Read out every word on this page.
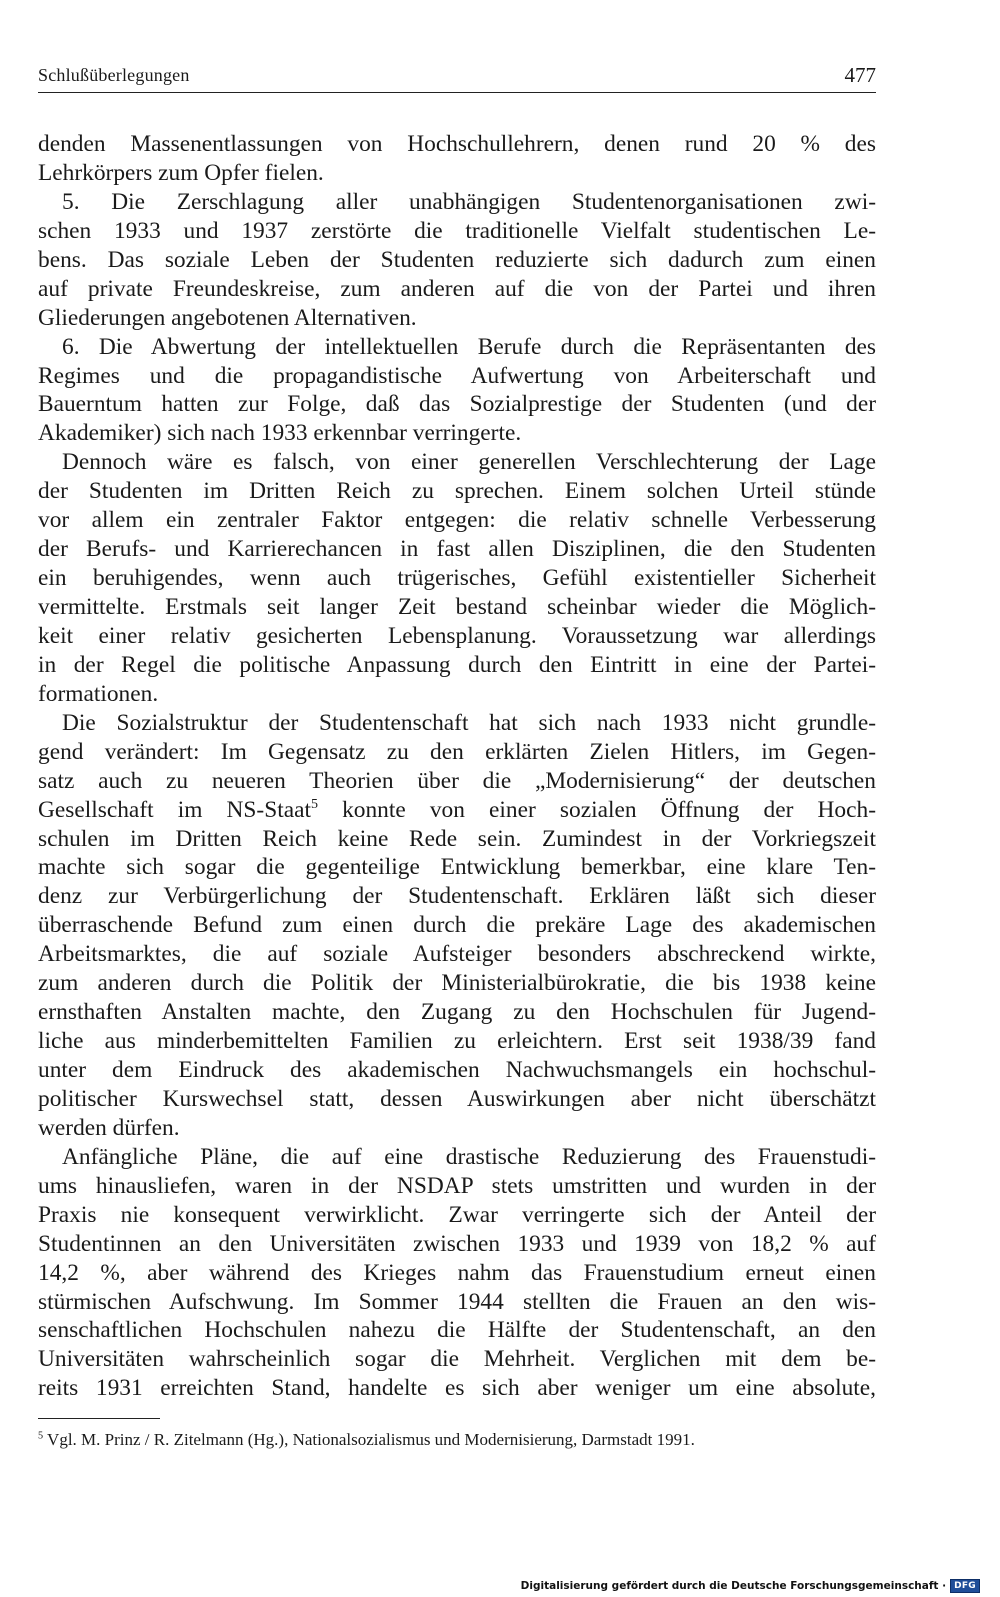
Schlußüberlegungen	477
denden Massenentlassungen von Hochschullehrern, denen rund 20 % des
Lehrkörpers zum Opfer fielen.
5. Die Zerschlagung aller unabhängigen Studentenorganisationen zwi-
schen 1933 und 1937 zerstörte die traditionelle Vielfalt studentischen Le-
bens. Das soziale Leben der Studenten reduzierte sich dadurch zum einen
auf private Freundeskreise, zum anderen auf die von der Partei und ihren
Gliederungen angebotenen Alternativen.
6. Die Abwertung der intellektuellen Berufe durch die Repräsentanten des
Regimes und die propagandistische Aufwertung von Arbeiterschaft und
Bauerntum hatten zur Folge, daß das Sozialprestige der Studenten (und der
Akademiker) sich nach 1933 erkennbar verringerte.
Dennoch wäre es falsch, von einer generellen Verschlechterung der Lage
der Studenten im Dritten Reich zu sprechen. Einem solchen Urteil stünde
vor allem ein zentraler Faktor entgegen: die relativ schnelle Verbesserung
der Berufs- und Karrierechancen in fast allen Disziplinen, die den Studenten
ein beruhigendes, wenn auch trügerisches, Gefühl existentieller Sicherheit
vermittelte. Erstmals seit langer Zeit bestand scheinbar wieder die Möglich-
keit einer relativ gesicherten Lebensplanung. Voraussetzung war allerdings
in der Regel die politische Anpassung durch den Eintritt in eine der Partei-
formationen.
Die Sozialstruktur der Studentenschaft hat sich nach 1933 nicht grundle-
gend verändert: Im Gegensatz zu den erklärten Zielen Hitlers, im Gegen-
satz auch zu neueren Theorien über die „Modernisierung“ der deutschen
Gesellschaft im NS-Staat$^5$ konnte von einer sozialen Öffnung der Hoch-
schulen im Dritten Reich keine Rede sein. Zumindest in der Vorkriegszeit
machte sich sogar die gegenteilige Entwicklung bemerkbar, eine klare Ten-
denz zur Verbürgerlichung der Studentenschaft. Erklären läßt sich dieser
überraschende Befund zum einen durch die prekäre Lage des akademischen
Arbeitsmarktes, die auf soziale Aufsteiger besonders abschreckend wirkte,
zum anderen durch die Politik der Ministerialbürokratie, die bis 1938 keine
ernsthaften Anstalten machte, den Zugang zu den Hochschulen für Jugend-
liche aus minderbemittelten Familien zu erleichtern. Erst seit 1938/39 fand
unter dem Eindruck des akademischen Nachwuchsmangels ein hochschul-
politischer Kurswechsel statt, dessen Auswirkungen aber nicht überschätzt
werden dürfen.
Anfängliche Pläne, die auf eine drastische Reduzierung des Frauenstudi-
ums hinausliefen, waren in der NSDAP stets umstritten und wurden in der
Praxis nie konsequent verwirklicht. Zwar verringerte sich der Anteil der
Studentinnen an den Universitäten zwischen 1933 und 1939 von 18,2 % auf
14,2 %, aber während des Krieges nahm das Frauenstudium erneut einen
stürmischen Aufschwung. Im Sommer 1944 stellten die Frauen an den wis-
senschaftlichen Hochschulen nahezu die Hälfte der Studentenschaft, an den
Universitäten wahrscheinlich sogar die Mehrheit. Verglichen mit dem be-
reits 1931 erreichten Stand, handelte es sich aber weniger um eine absolute,
$^5$ Vgl. M. Prinz / R. Zitelmann (Hg.), Nationalsozialismus und Modernisierung, Darmstadt 1991.
Digitalisierung gefördert durch die Deutsche Forschungsgemeinschaft · DFG
